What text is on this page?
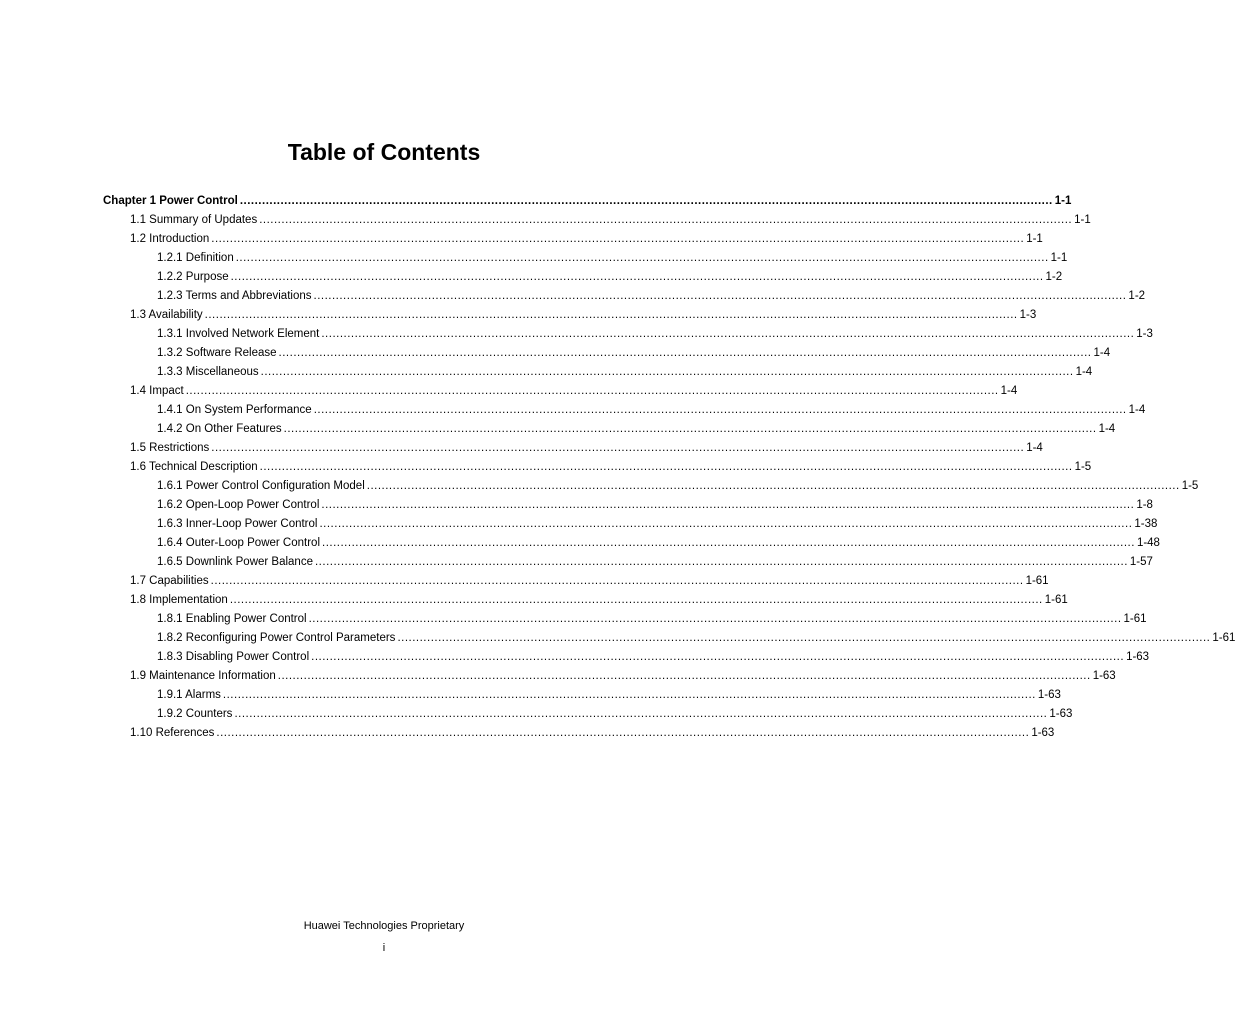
Table of Contents
Chapter 1 Power Control ............................................................................................................................................................................................................................ 1-1
1.1 Summary of Updates ............................................................................................................................................................................................................................ 1-1
1.2 Introduction ............................................................................................................................................................................................................................ 1-1
1.2.1 Definition ............................................................................................................................................................................................................................ 1-1
1.2.2 Purpose ............................................................................................................................................................................................................................ 1-2
1.2.3 Terms and Abbreviations ............................................................................................................................................................................................................................ 1-2
1.3 Availability ............................................................................................................................................................................................................................ 1-3
1.3.1 Involved Network Element ............................................................................................................................................................................................................................ 1-3
1.3.2 Software Release ............................................................................................................................................................................................................................ 1-4
1.3.3 Miscellaneous ............................................................................................................................................................................................................................ 1-4
1.4 Impact ............................................................................................................................................................................................................................ 1-4
1.4.1 On System Performance ............................................................................................................................................................................................................................ 1-4
1.4.2 On Other Features ............................................................................................................................................................................................................................ 1-4
1.5 Restrictions ............................................................................................................................................................................................................................ 1-4
1.6 Technical Description ............................................................................................................................................................................................................................ 1-5
1.6.1 Power Control Configuration Model ............................................................................................................................................................................................................................ 1-5
1.6.2 Open-Loop Power Control ............................................................................................................................................................................................................................ 1-8
1.6.3 Inner-Loop Power Control ............................................................................................................................................................................................................................ 1-38
1.6.4 Outer-Loop Power Control ............................................................................................................................................................................................................................ 1-48
1.6.5 Downlink Power Balance ............................................................................................................................................................................................................................ 1-57
1.7 Capabilities ............................................................................................................................................................................................................................ 1-61
1.8 Implementation ............................................................................................................................................................................................................................ 1-61
1.8.1 Enabling Power Control ............................................................................................................................................................................................................................ 1-61
1.8.2 Reconfiguring Power Control Parameters ............................................................................................................................................................................................................................ 1-61
1.8.3 Disabling Power Control ............................................................................................................................................................................................................................ 1-63
1.9 Maintenance Information ............................................................................................................................................................................................................................ 1-63
1.9.1 Alarms ............................................................................................................................................................................................................................ 1-63
1.9.2 Counters ............................................................................................................................................................................................................................ 1-63
1.10 References ............................................................................................................................................................................................................................ 1-63
Huawei Technologies Proprietary
i
